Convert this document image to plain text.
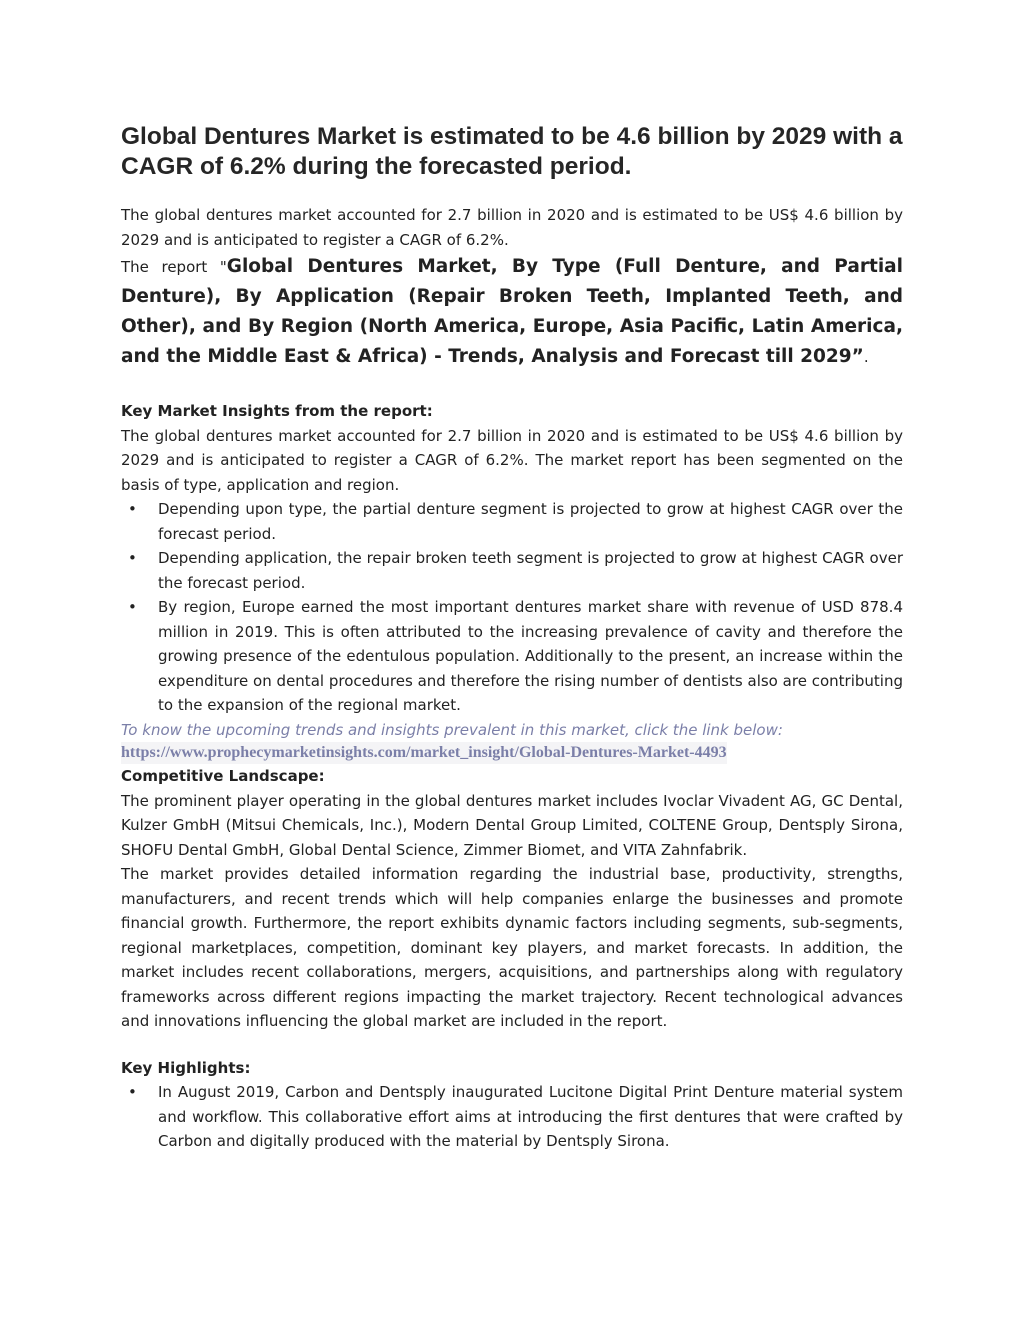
Global Dentures Market is estimated to be 4.6 billion by 2029 with a CAGR of 6.2% during the forecasted period.

The global dentures market accounted for 2.7 billion in 2020 and is estimated to be US$ 4.6 billion by 2029 and is anticipated to register a CAGR of 6.2%.

The report "Global Dentures Market, By Type (Full Denture, and Partial Denture), By Application (Repair Broken Teeth, Implanted Teeth, and Other), and By Region (North America, Europe, Asia Pacific, Latin America, and the Middle East & Africa) - Trends, Analysis and Forecast till 2029”.

Key Market Insights from the report:

The global dentures market accounted for 2.7 billion in 2020 and is estimated to be US$ 4.6 billion by 2029 and is anticipated to register a CAGR of 6.2%. The market report has been segmented on the basis of type, application and region.

• Depending upon type, the partial denture segment is projected to grow at highest CAGR over the forecast period.
• Depending application, the repair broken teeth segment is projected to grow at highest CAGR over the forecast period.
• By region, Europe earned the most important dentures market share with revenue of USD 878.4 million in 2019. This is often attributed to the increasing prevalence of cavity and therefore the growing presence of the edentulous population. Additionally to the present, an increase within the expenditure on dental procedures and therefore the rising number of dentists also are contributing to the expansion of the regional market.

To know the upcoming trends and insights prevalent in this market, click the link below:

https://www.prophecymarketinsights.com/market_insight/Global-Dentures-Market-4493
Competitive Landscape:

The prominent player operating in the global dentures market includes Ivoclar Vivadent AG, GC Dental, Kulzer GmbH (Mitsui Chemicals, Inc.), Modern Dental Group Limited, COLTENE Group, Dentsply Sirona, SHOFU Dental GmbH, Global Dental Science, Zimmer Biomet, and VITA Zahnfabrik.

The market provides detailed information regarding the industrial base, productivity, strengths, manufacturers, and recent trends which will help companies enlarge the businesses and promote financial growth. Furthermore, the report exhibits dynamic factors including segments, sub-segments, regional marketplaces, competition, dominant key players, and market forecasts. In addition, the market includes recent collaborations, mergers, acquisitions, and partnerships along with regulatory frameworks across different regions impacting the market trajectory. Recent technological advances and innovations influencing the global market are included in the report.

Key Highlights:
• In August 2019, Carbon and Dentsply inaugurated Lucitone Digital Print Denture material system and workflow. This collaborative effort aims at introducing the first dentures that were crafted by Carbon and digitally produced with the material by Dentsply Sirona.
